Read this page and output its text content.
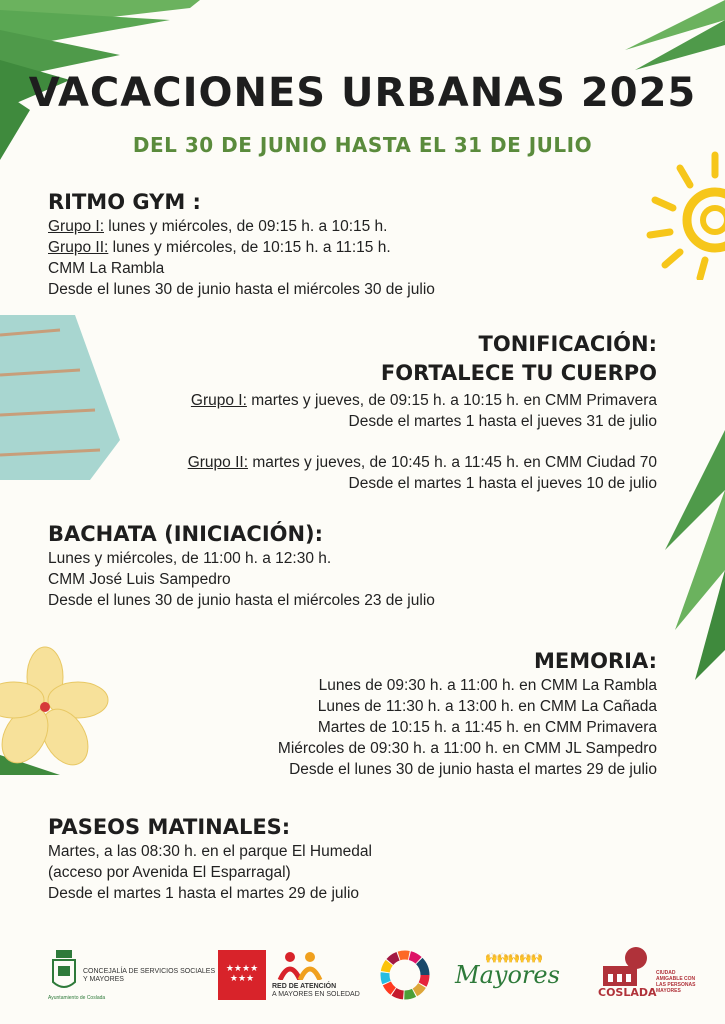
VACACIONES URBANAS 2025
DEL 30 DE JUNIO HASTA EL 31 DE JULIO
RITMO GYM :
Grupo I: lunes y miércoles, de 09:15 h. a 10:15 h.
Grupo II: lunes y miércoles, de 10:15 h. a 11:15 h.
CMM La Rambla
Desde el lunes 30 de junio hasta el miércoles 30 de julio
TONIFICACIÓN:
FORTALECE TU CUERPO
Grupo I: martes y jueves, de 09:15 h. a 10:15 h. en CMM Primavera
Desde el martes 1 hasta el jueves 31 de julio
Grupo II: martes y jueves, de 10:45 h. a 11:45 h. en CMM Ciudad 70
Desde el martes 1 hasta el jueves 10 de julio
BACHATA (INICIACIÓN):
Lunes y miércoles, de 11:00 h. a 12:30 h.
CMM José Luis Sampedro
Desde el lunes 30 de junio hasta el miércoles 23 de julio
MEMORIA:
Lunes de 09:30 h. a 11:00 h. en CMM La Rambla
Lunes de 11:30 h. a 13:00 h. en CMM La Cañada
Martes de 10:15 h. a 11:45 h. en CMM Primavera
Miércoles de 09:30 h. a 11:00 h. en CMM JL Sampedro
Desde el lunes 30 de junio hasta el martes 29 de julio
PASEOS MATINALES:
Martes, a las 08:30 h. en el parque El Humedal
(acceso por Avenida El Esparragal)
Desde el martes 1 hasta el martes 29 de julio
Ayuntamiento de Coslada
CONCEJALÍA DE SERVICIOS SOCIALES
Y MAYORES
★★★★
★★★
RED DE ATENCIÓN
A MAYORES EN SOLEDAD
🙌🙌🙌🙌🙌
Mayores
COSLADA
CIUDAD AMIGABLE CON LAS PERSONAS MAYORES
